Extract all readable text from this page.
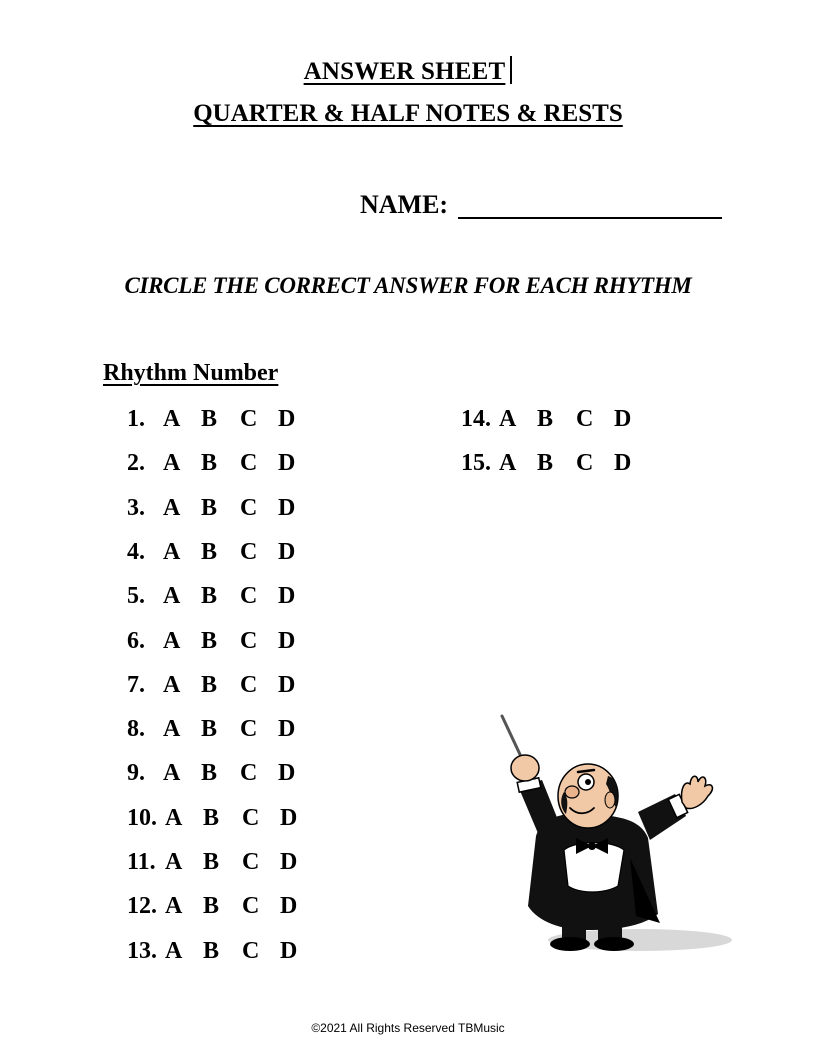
ANSWER SHEET
QUARTER & HALF NOTES & RESTS
NAME:
CIRCLE THE CORRECT ANSWER FOR EACH RHYTHM
Rhythm Number
1. A B C D
2. A B C D
3. A B C D
4. A B C D
5. A B C D
6. A B C D
7. A B C D
8. A B C D
9. A B C D
10. A B C D
11. A B C D
12. A B C D
13. A B C D
14. A B C D
15. A B C D
©2021 All Rights Reserved TBMusic
